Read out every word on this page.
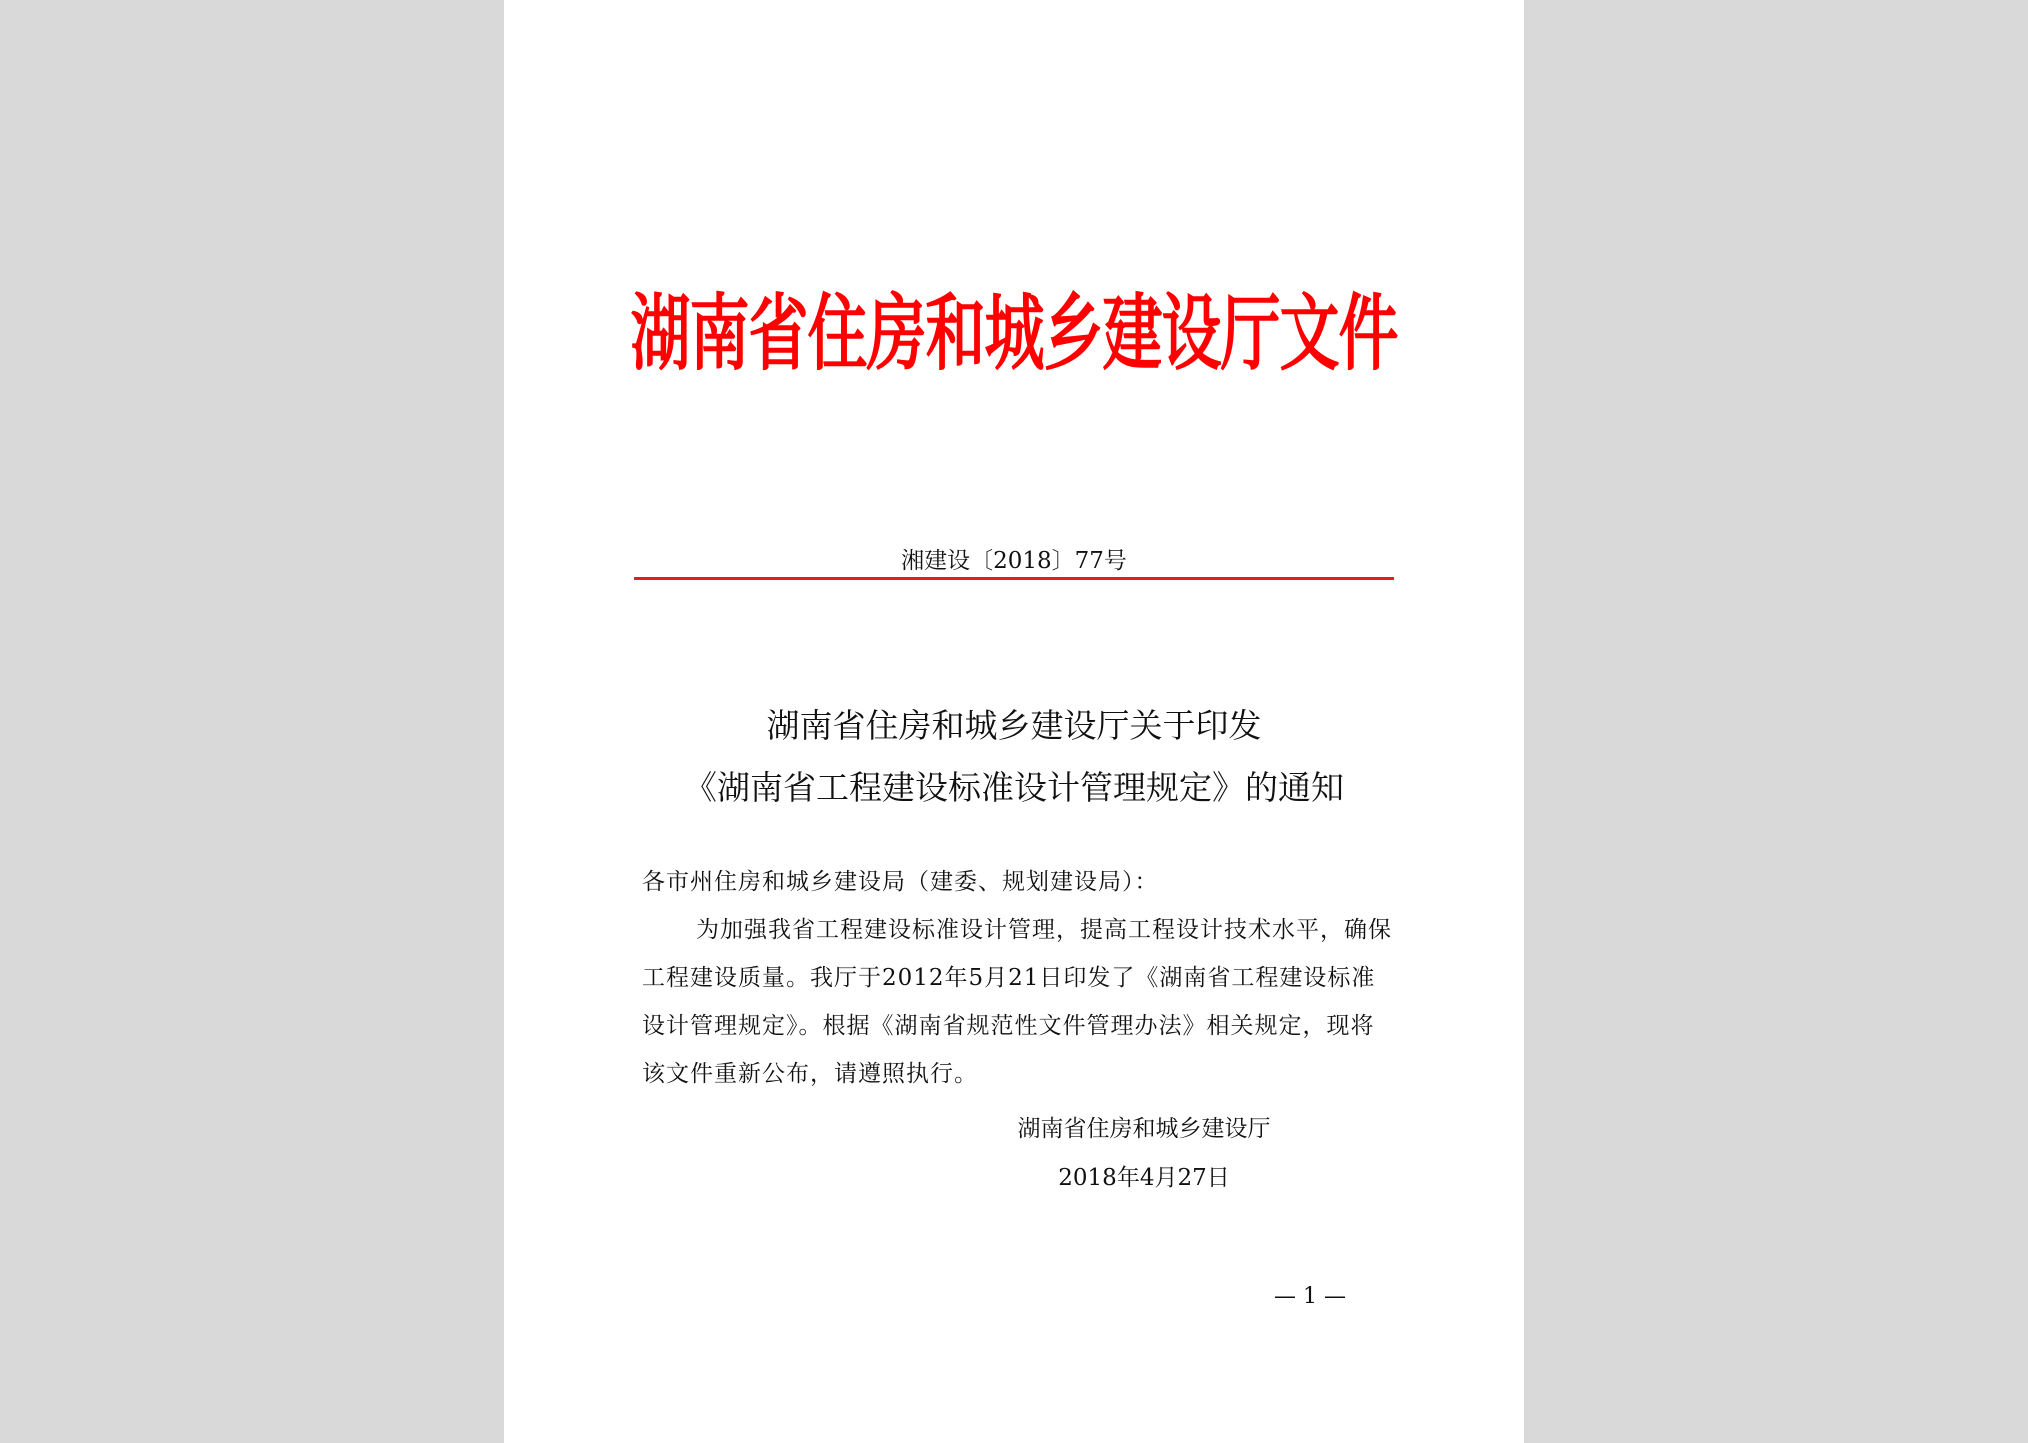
湖南省住房和城乡建设厅文件
湘建设〔2018〕77号
湖南省住房和城乡建设厅关于印发
《湖南省工程建设标准设计管理规定》的通知

各市州住房和城乡建设局（建委、规划建设局）：

为加强我省工程建设标准设计管理，提高工程设计技术水平，确保工程建设质量。我厅于2012年5月21日印发了《湖南省工程建设标准设计管理规定》。根据《湖南省规范性文件管理办法》相关规定，现将该文件重新公布，请遵照执行。

湖南省住房和城乡建设厅
2018年4月27日
— 1 —
